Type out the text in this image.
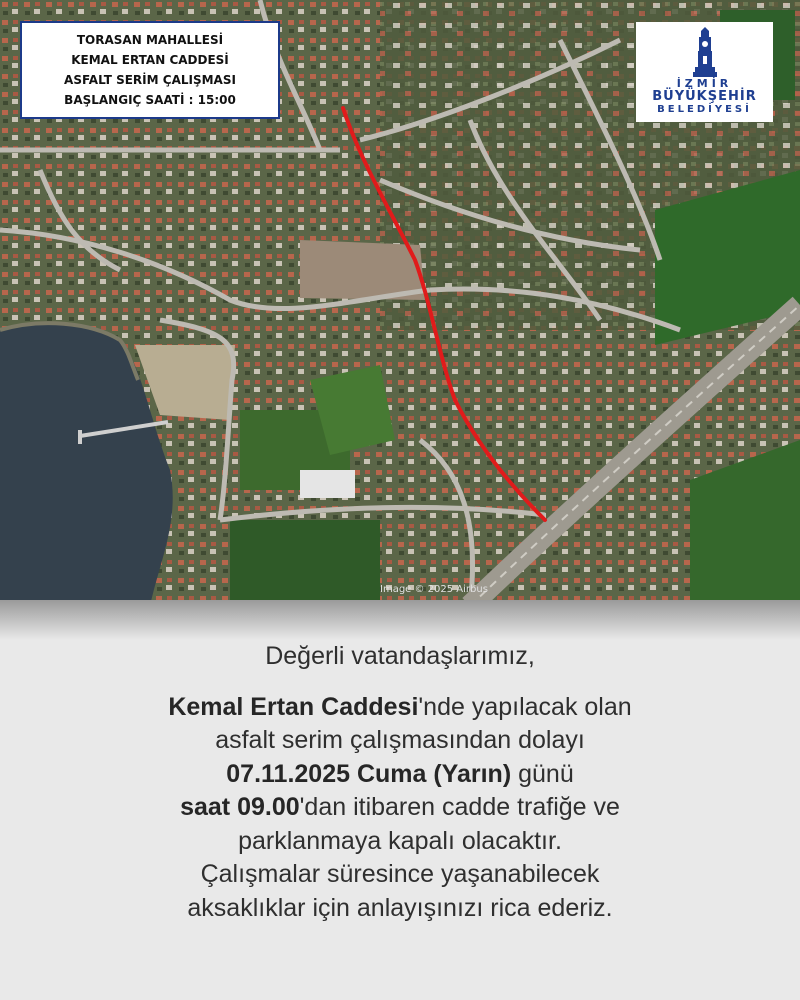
Image © 2025 Airbus
TORASAN MAHALLESİ
KEMAL ERTAN CADDESİ
ASFALT SERİM ÇALIŞMASI
BAŞLANGIÇ SAATİ : 15:00
İZMİR
BÜYÜKŞEHİR
BELEDİYESİ
Değerli vatandaşlarımız,
Kemal Ertan Caddesi'nde yapılacak olan
asfalt serim çalışmasından dolayı
07.11.2025 Cuma (Yarın) günü
saat 09.00'dan itibaren cadde trafiğe ve
parklanmaya kapalı olacaktır.
Çalışmalar süresince yaşanabilecek
aksaklıklar için anlayışınızı rica ederiz.
